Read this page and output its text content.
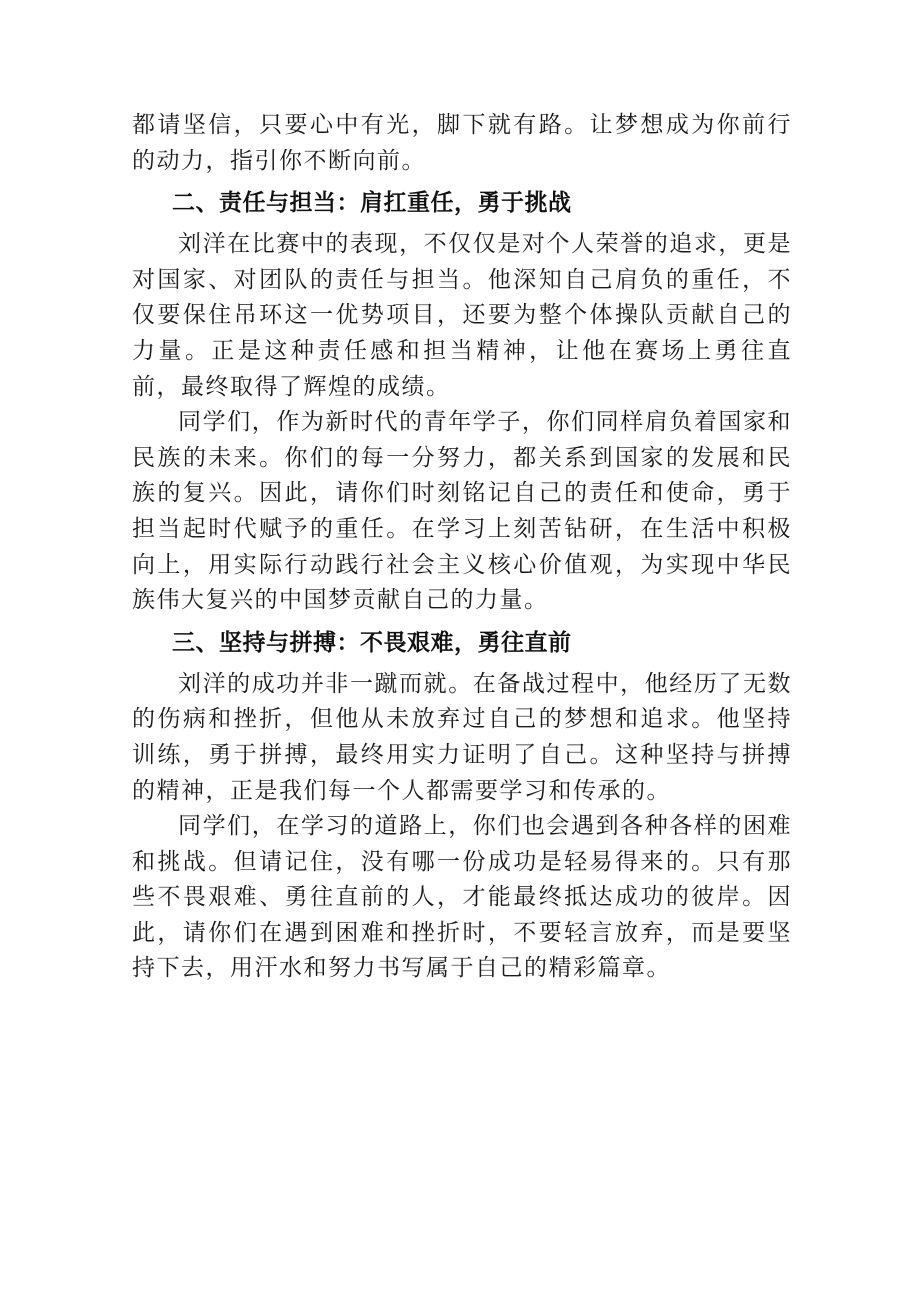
都请坚信，只要心中有光，脚下就有路。让梦想成为你前行的动力，指引你不断向前。

二、责任与担当：肩扛重任，勇于挑战

刘洋在比赛中的表现，不仅仅是对个人荣誉的追求，更是对国家、对团队的责任与担当。他深知自己肩负的重任，不仅要保住吊环这一优势项目，还要为整个体操队贡献自己的力量。正是这种责任感和担当精神，让他在赛场上勇往直前，最终取得了辉煌的成绩。

同学们，作为新时代的青年学子，你们同样肩负着国家和民族的未来。你们的每一分努力，都关系到国家的发展和民族的复兴。因此，请你们时刻铭记自己的责任和使命，勇于担当起时代赋予的重任。在学习上刻苦钻研，在生活中积极向上，用实际行动践行社会主义核心价值观，为实现中华民族伟大复兴的中国梦贡献自己的力量。

三、坚持与拼搏：不畏艰难，勇往直前

刘洋的成功并非一蹴而就。在备战过程中，他经历了无数的伤病和挫折，但他从未放弃过自己的梦想和追求。他坚持训练，勇于拼搏，最终用实力证明了自己。这种坚持与拼搏的精神，正是我们每一个人都需要学习和传承的。

同学们，在学习的道路上，你们也会遇到各种各样的困难和挑战。但请记住，没有哪一份成功是轻易得来的。只有那些不畏艰难、勇往直前的人，才能最终抵达成功的彼岸。因此，请你们在遇到困难和挫折时，不要轻言放弃，而是要坚持下去，用汗水和努力书写属于自己的精彩篇章。
